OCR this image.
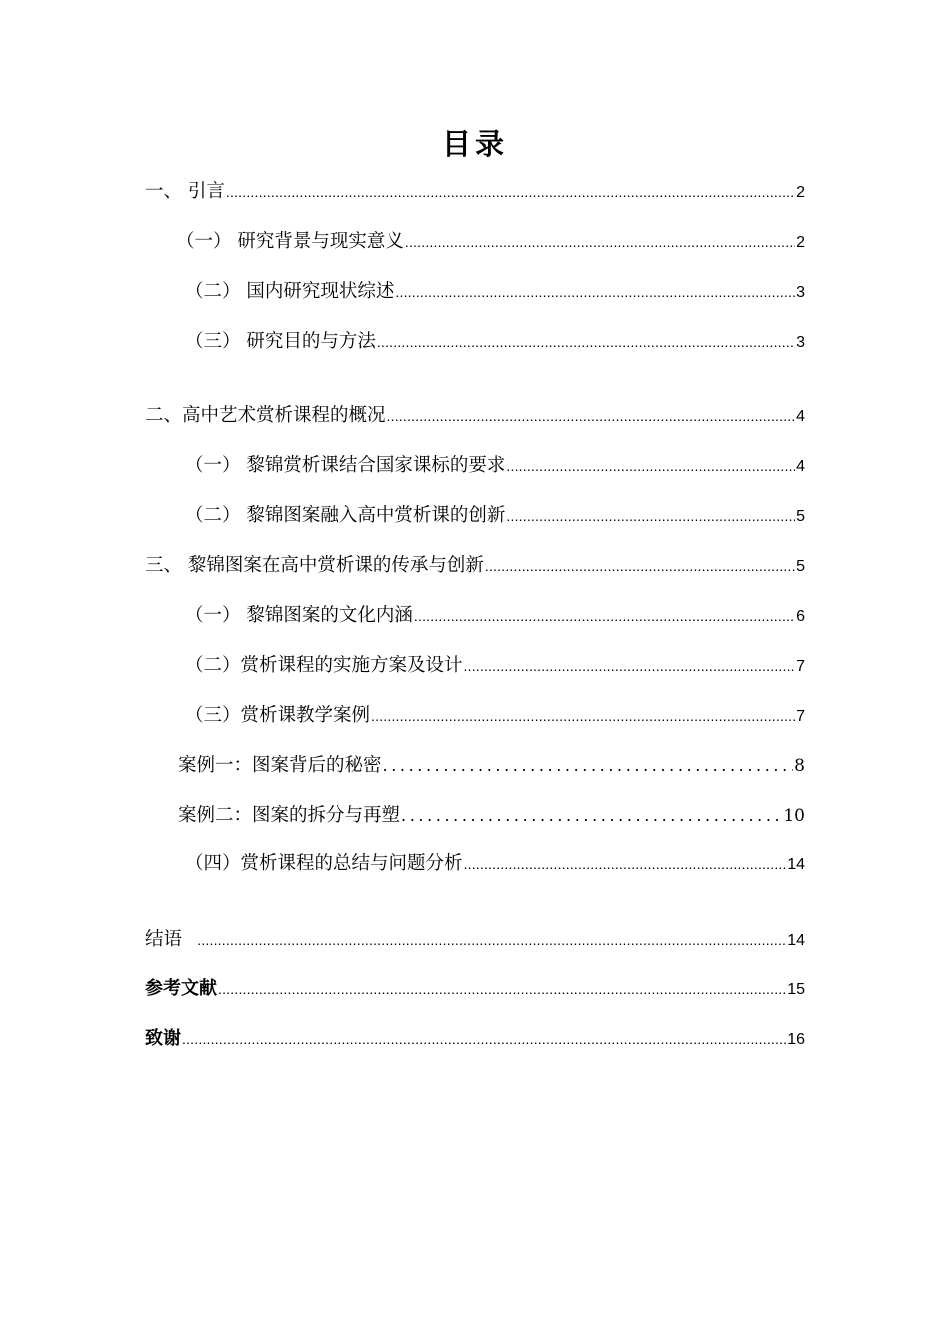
目录
一、 引言 .....	2
（一） 研究背景与现实意义 .....	2
（二） 国内研究现状综述 .....	3
（三） 研究目的与方法 .....	3
二、高中艺术赏析课程的概况 .....	4
（一） 黎锦赏析课结合国家课标的要求 .....	4
（二） 黎锦图案融入高中赏析课的创新 .....	5
三、 黎锦图案在高中赏析课的传承与创新 .....	5
（一） 黎锦图案的文化内涵 .....	6
（二）赏析课程的实施方案及设计 .....	7
（三）赏析课教学案例 .....	7
案例一：图案背后的秘密 .....	8
案例二：图案的拆分与再塑 .....	10
（四）赏析课程的总结与问题分析 .....	14
结语 .....	14
参考文献 .....	15
致谢 .....	16
